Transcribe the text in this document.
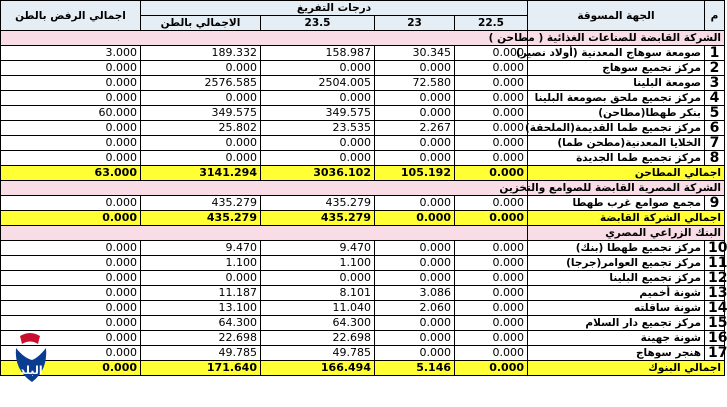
اجمالي الرفض بالطن	درجات التفريغ				الجهة المسوقة	م
	الاجمالي بالطن	23.5	23	22.5		
					الشركة القابضة للصناعات الغذائية ( مطاحن )	
3.000	189.332	158.987	30.345	0.000	صومعة سوهاج المعدنية (أولاد نصير)	1
0.000	0.000	0.000	0.000	0.000	مركز تجميع سوهاج	2
0.000	2576.585	2504.005	72.580	0.000	صومعة البلينا	3
0.000	0.000	0.000	0.000	0.000	مركز تجميع ملحق بصومعة البلينا	4
60.000	349.575	349.575	0.000	0.000	بنكر طهطا(مطاحن)	5
0.000	25.802	23.535	2.267	0.000	مركز تجميع طما القديمة(الملحقة)	6
0.000	0.000	0.000	0.000	0.000	الخلايا المعدنية(مطحن طما)	7
0.000	0.000	0.000	0.000	0.000	مركز تجميع طما الجديدة	8
63.000	3141.294	3036.102	105.192	0.000	اجمالي المطاحن	
					الشركة المصرية القابضة للصوامع والتخزين	
0.000	435.279	435.279	0.000	0.000	مجمع صوامع غرب طهطا	9
0.000	435.279	435.279	0.000	0.000	اجمالي الشركة القابضة	
					البنك الزراعي المصري	
0.000	9.470	9.470	0.000	0.000	مركز تجميع طهطا (بنك)	10
0.000	1.100	1.100	0.000	0.000	مركز تجميع العوامر(جرجا)	11
0.000	0.000	0.000	0.000	0.000	مركز تجميع البلينا	12
0.000	11.187	8.101	3.086	0.000	شونة أخميم	13
0.000	13.100	11.040	2.060	0.000	شونة ساقلته	14
0.000	64.300	64.300	0.000	0.000	مركز تجميع دار السلام	15
0.000	22.698	22.698	0.000	0.000	شونة جهينة	16
0.000	49.785	49.785	0.000	0.000	هنجر سوهاج	17
0.000	171.640	166.494	5.146	0.000	اجمالي البنوك	
البلد
